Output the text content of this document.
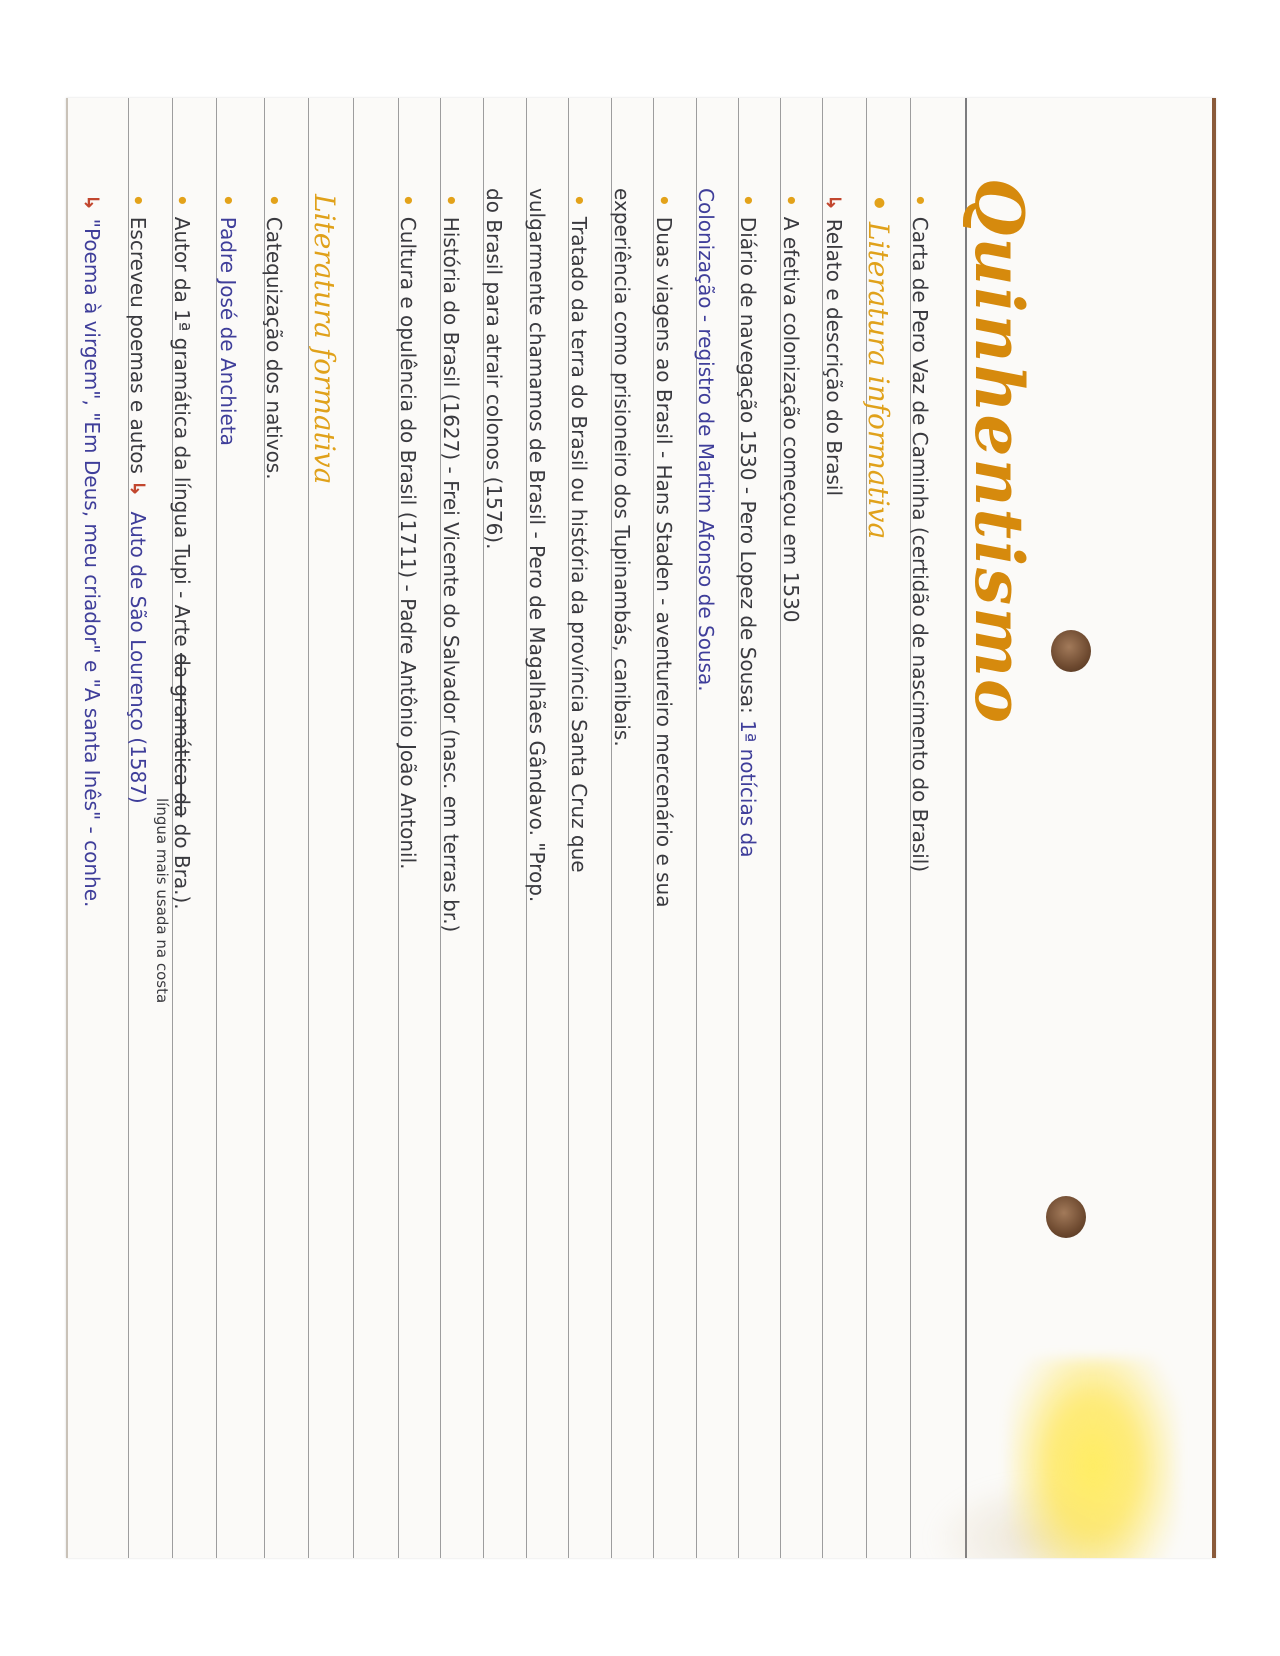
Quinhentismo
•Carta de Pero Vaz de Caminha (certidão de nascimento do Brasil)
•Literatura informativa
↳Relato e descrição do Brasil
•A efetiva colonização começou em 1530
•Diário de navegação 1530 - Pero Lopez de Sousa: 1ª notícias da
Colonização - registro de Martim Afonso de Sousa.
•Duas viagens ao Brasil - Hans Staden - aventureiro mercenário e sua
experiência como prisioneiro dos Tupinambás, canibais.
•Tratado da terra do Brasil ou história da província Santa Cruz que
vulgarmente chamamos de Brasil - Pero de Magalhães Gândavo. "Prop.
do Brasil para atrair colonos (1576).
•História do Brasil (1627) - Frei Vicente do Salvador (nasc. em terras br.)
•Cultura e opulência do Brasil (1711) - Padre Antônio João Antonil.
Literatura formativa
•Catequização dos nativos.
•Padre José de Anchieta
língua mais usada na costa
•Autor da 1ª gramática da língua Tupi - Arte da gramática da do Bra.).
•Escreveu poemas e autos ↳ Auto de São Lourenço (1587)
↳"Poema à virgem", "Em Deus, meu criador" e "A santa Inês" - conhe.
